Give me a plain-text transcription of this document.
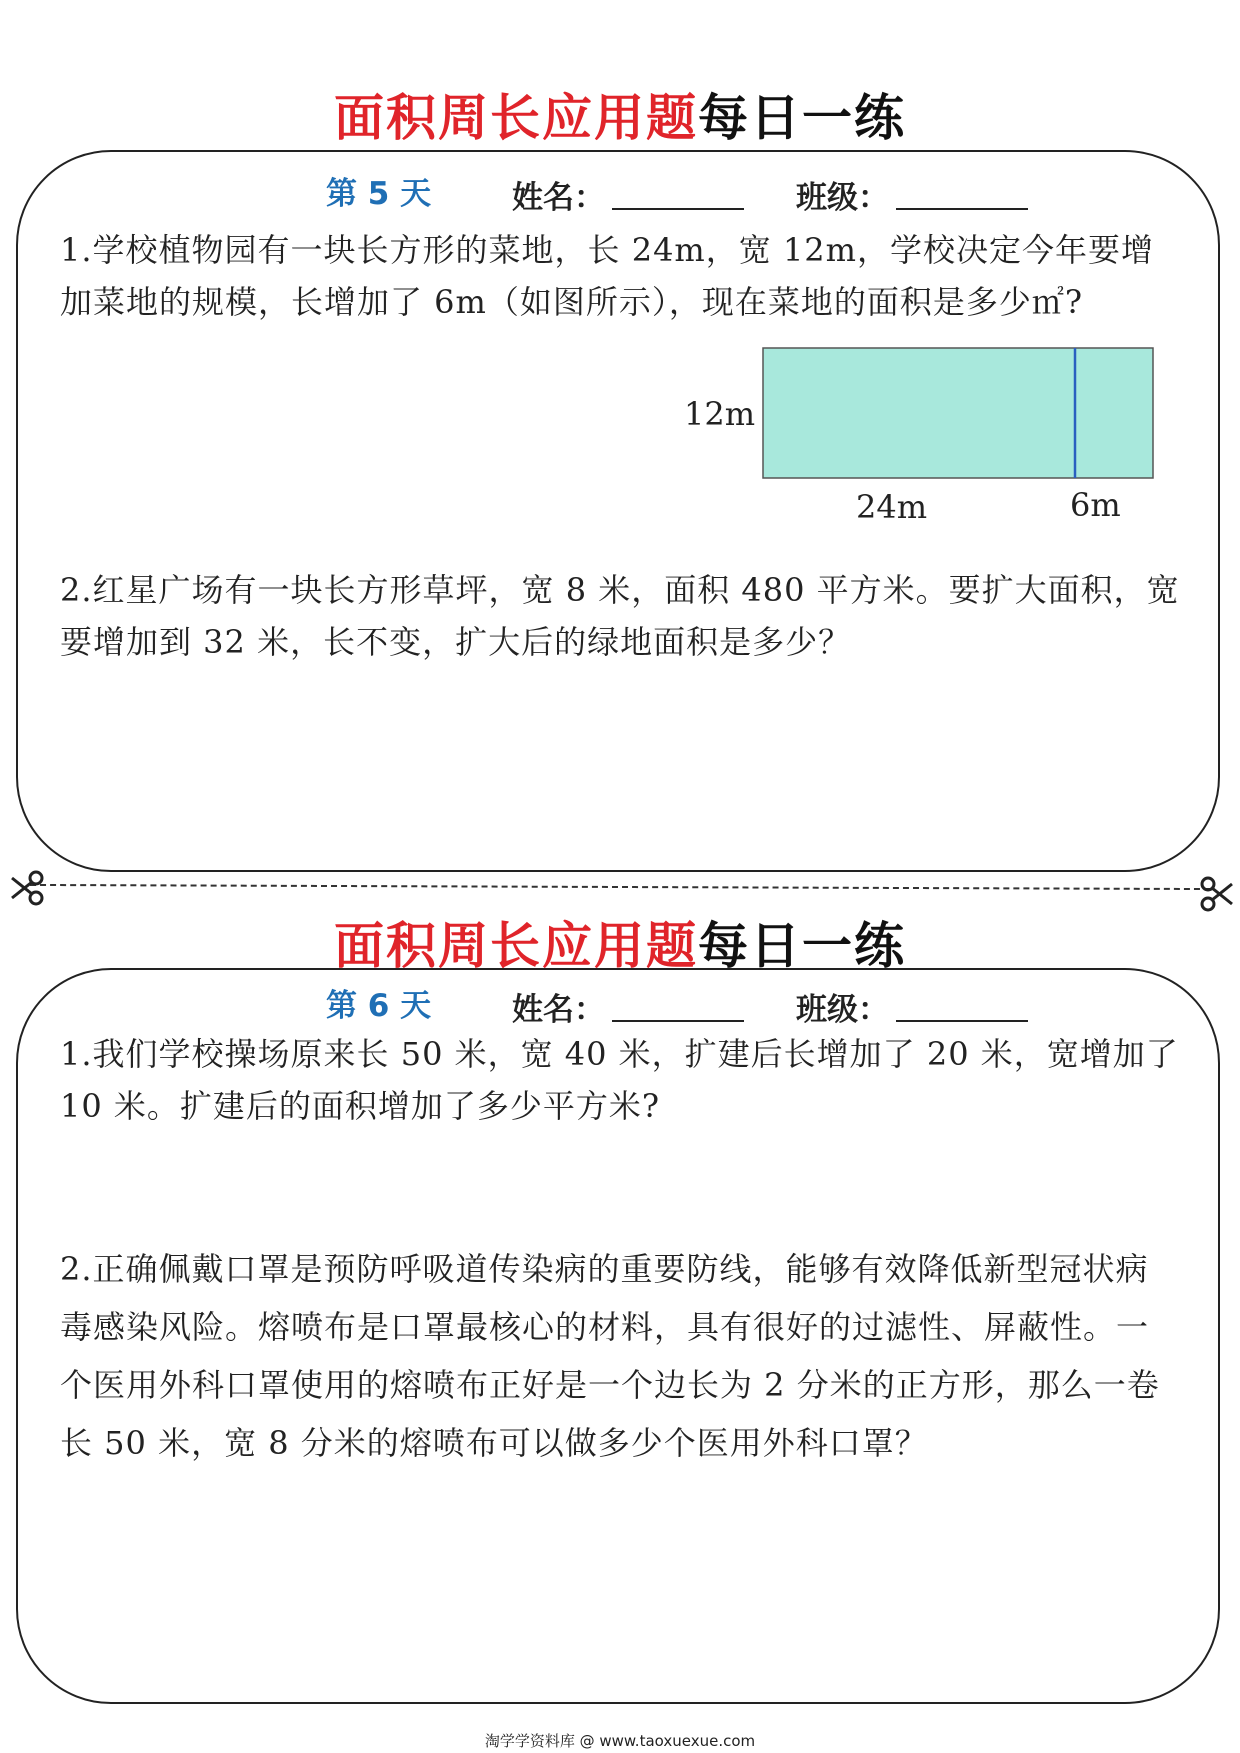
面积周长应用题每日一练
第 5 天	姓名：	班级：
1.学校植物园有一块长方形的菜地，长 24m，宽 12m，学校决定今年要增加菜地的规模，长增加了 6m（如图所示），现在菜地的面积是多少㎡?
12m
24m	6m
2.红星广场有一块长方形草坪，宽 8 米，面积 480 平方米。要扩大面积，宽要增加到 32 米，长不变，扩大后的绿地面积是多少？
面积周长应用题每日一练
第 6 天	姓名：	班级：
1.我们学校操场原来长 50 米，宽 40 米，扩建后长增加了 20 米，宽增加了 10 米。扩建后的面积增加了多少平方米?
2.正确佩戴口罩是预防呼吸道传染病的重要防线，能够有效降低新型冠状病毒感染风险。熔喷布是口罩最核心的材料，具有很好的过滤性、屏蔽性。一个医用外科口罩使用的熔喷布正好是一个边长为 2 分米的正方形，那么一卷长 50 米，宽 8 分米的熔喷布可以做多少个医用外科口罩？
淘学学资料库 @ www.taoxuexue.com
